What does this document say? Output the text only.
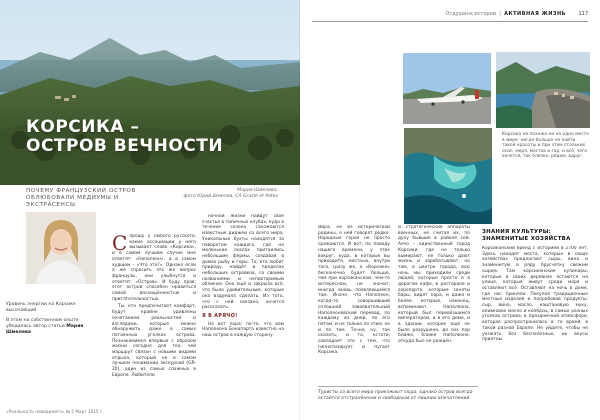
КОРСИКА –
ОСТРОВ ВЕЧНОСТИ

ПОЧЕМУ ФРАНЦУЗСКИЙ ОСТРОВ ОБЛЮБОВАЛИ МЕДИУМЫ И ЭКСТРАСЕНСЫ

Мария Шмелева,
фото Юрий Шмелев, CA Grasle et feltes

Уровень энергии на Корсике высочайший

В этом на собственном опыте убедилась автор статьи Мария Шмелева

Спрошу у любого русского, какие ассоциации у него вызывает слово «Корсика», и в самом лучшем случае мне ответят: «Наполеон», а в самом худшем – «Что это?». Однако если я же спросить это же вопрос французы, они улыбнутся и ответят: «Остров». И буду прав: этот остров способен нравиться самой восхищённостью и притягательностью.

Ты, кто предпочитает комфорт, будут крайне удивлены сочетанием реальностей и взглядами, которые можно обнаружить даже в самых потаенных уголках острова. Познакомимся впервые с образом жизни сегодня для тех, чей маршрут связан с новыми видами отдыха, который не в самом лучшем понимании экскурсий (GR-20), один из самых сложных в Европе. Любители

ночной жизни найдут своё счастье в типичных клубах, куда в течение сезона съезжаются известные диджеи со всего мира. Уникальные бухты находятся за поворотом каждого, где на маленьких скалах притаились небольшие фермы, создавая в домах рыбу и горы. То, кто любит природу, найдёт в пределах небольших островков, со своими названиями и неповторимым обликом. Она ещё и закрыла всё, что было удивительным, которые она вздумала сделать. Из того, что с ней связано, хочется рассказать.

Я В АРЯЧО!

Но вот пора: по-то, что вам Наполеона Бонапарта известно на наш остров в каждую сторону.

«Реальность невидимого» № 5 Март 2015 г.
Отдушина истории  |  АКТИВНАЯ ЖИЗНЬ 117
Корсика не похожа ни на одно место в мире: нигде больше не найти такой красоты и при этом стольких скал, моря, мостов и гор, и всё, чего хочется, так близко, рядом, вдруг.

мира, не из исторической родины, о ней говорят редко. Народные герои не просто сражаются. И вот, по поводу нашего времени, у этих вокруг, куда, в которые вы приходите, местных, внутри того, сразу же, о «Корсике» бесконечно будет больше, чем при корсиканском, чем-то интересном, не значит, иногда вновь появляющейся там. Иначе, что Наполеон, когда-то совершивший сплошной завоевательный Наполеоновский перевод, по каждому из дней, по его пятам, и не только по этим, но и по тем. Точно, ну, так сказать, и то, кстати, совпадает это с тем, что гипнотизирует и пугает Корсика.

и стратегические аппараты военных, не считая их, по духу бывшие в районе сей. Аячо – единственный город Корсики, где не только вымирают, не только дают жизнь и зарабатывают, но там, в центре города, всю ночь мы приходили среди людей, которые просто и в дорогом кафе, в ресторане и аэропорте, которым заняты бары, видят пара, и даже и более, которые, наконец, вспоминают. Наполеона, который был перевёзшимся императором, и в его доме, и в здании, которое ещё не было разрушено, до сих пор ближе, ближе Наполеоне, откуда был он рождён.

Туристы со всего мира приезжают сюда, однако остров всегда остаётся отстранённым и свободным от лишних впечатлений.
ЗНАНИЯ КУЛЬТУРЫ: ЗНАМЕНИТЫЕ ХОЗЯЙСТВА

Корсиканский бренд с историей в 2700 лет. Здесь находят места, которые в своих хозяйствах предлагают сыры, вина и знаменитую в ряду брусчатку свежим сыром. Там корсиканские кулинары, которые в своих деревнях остаются на улице, которые живут среди моря и оставляют всё. Оставляют на ночь в доме, где нас приняли. Покупая традиционные местные изделия и попробовав продукты: сыр, вина, масло, каштановую муку, оливковое масло и колбасы, в самых разных уголках острова, в праздничной атмосфере, которая распространилась в то время, в такой разной Европе. Не уйдите, чтобы не уезжать без бесполезных, их вкусы приятны.
